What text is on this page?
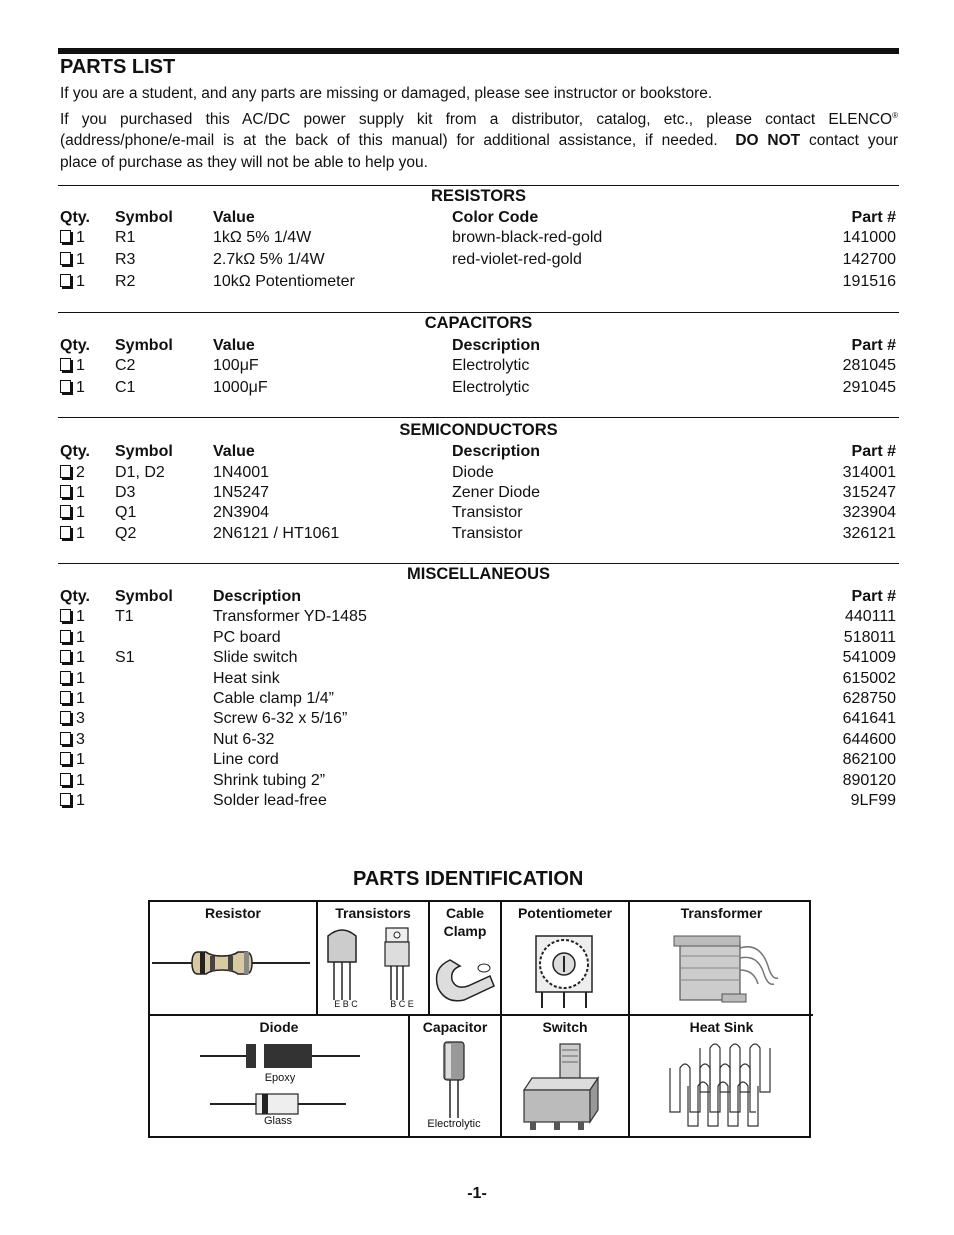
PARTS LIST

If you are a student, and any parts are missing or damaged, please see instructor or bookstore.

If you purchased this AC/DC power supply kit from a distributor, catalog, etc., please contact ELENCO®

(address/phone/e-mail is at the back of this manual) for additional assistance, if needed. DO NOT contact your

place of purchase as they will not be able to help you.

RESISTORS
Qty. Symbol	Value	Color Code	Part #
1 R1	1kΩ 5% 1/4W	brown-black-red-gold	141000
1 R3	2.7kΩ 5% 1/4W	red-violet-red-gold	142700
1 R2	10kΩ Potentiometer	191516
CAPACITORS
Qty. Symbol	Value	Description	Part #
1 C2	100μF	Electrolytic	281045
1 C1	1000μF	Electrolytic	291045
SEMICONDUCTORS
Qty. Symbol	Value	Description	Part #
2 D1, D2	1N4001	Diode	314001
1 D3	1N5247	Zener Diode	315247
1 Q1	2N3904	Transistor	323904
1 Q2	2N6121 / HT1061	Transistor	326121
MISCELLANEOUS
Qty. Symbol	Description	Part #
1 T1	Transformer YD-1485	440111
1	PC board	518011
1 S1	Slide switch	541009
1	Heat sink	615002
1	Cable clamp 1/4”	628750
3	Screw 6-32 x 5/16”	641641
3	Nut 6-32	644600
1	Line cord	862100
1	Shrink tubing 2”	890120
1	Solder lead-free	9LF99
PARTS IDENTIFICATION
Resistor	Transistors
E B C	B C E
Cable
Clamp
Potentiometer	Transformer
Diode
Epoxy
Glass
Capacitor
Electrolytic
Switch	Heat Sink
-1-
